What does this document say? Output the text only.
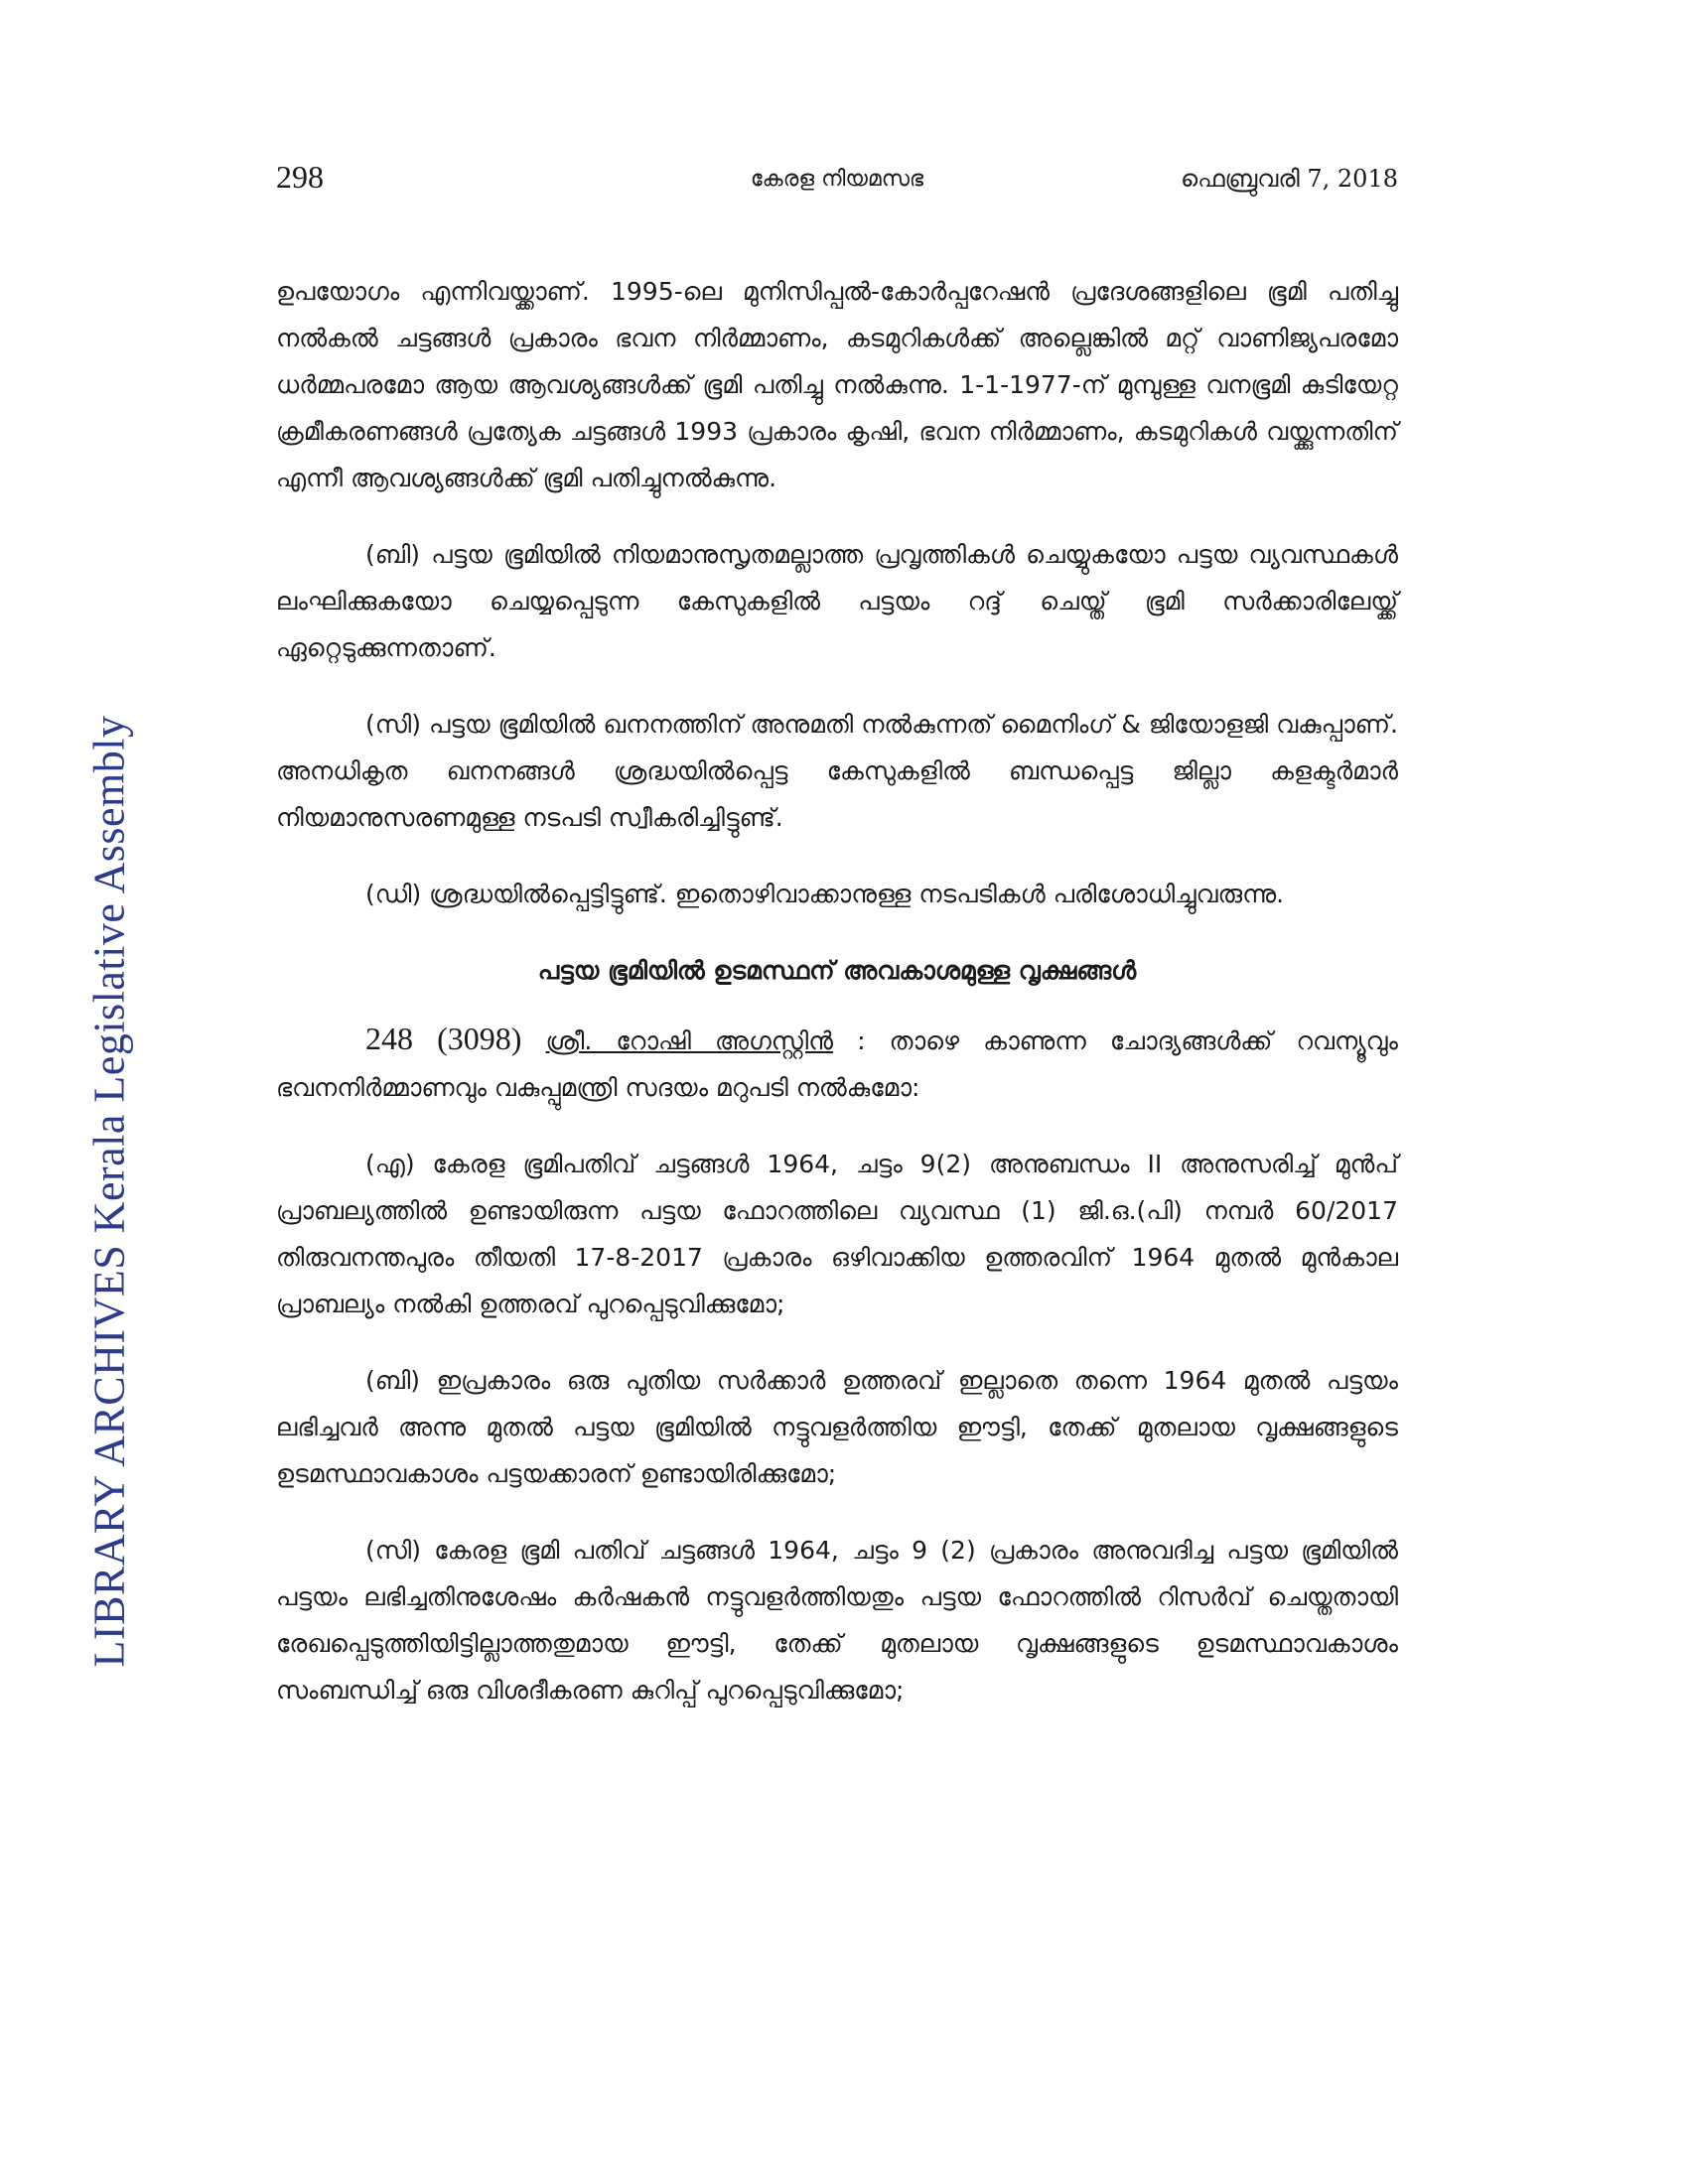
LIBRARY ARCHIVES Kerala Legislative Assembly
298	കേരള നിയമസഭ	ഫെബ്രുവരി 7, 2018

ഉപയോഗം എന്നിവയ്ക്കാണ്. 1995-ലെ മുനിസിപ്പൽ-കോർപ്പറേഷൻ പ്രദേശങ്ങളിലെ ഭൂമി പതിച്ചു നൽകൽ ചട്ടങ്ങൾ പ്രകാരം ഭവന നിർമ്മാണം, കടമുറികൾക്ക് അല്ലെങ്കിൽ മറ്റ് വാണിജ്യപരമോ ധർമ്മപരമോ ആയ ആവശ്യങ്ങൾക്ക് ഭൂമി പതിച്ചു നൽകുന്നു. 1-1-1977-ന് മുമ്പുള്ള വനഭൂമി കുടിയേറ്റ ക്രമീകരണങ്ങൾ പ്രത്യേക ചട്ടങ്ങൾ 1993 പ്രകാരം കൃഷി, ഭവന നിർമ്മാണം, കടമുറികൾ വയ്ക്കുന്നതിന് എന്നീ ആവശ്യങ്ങൾക്ക് ഭൂമി പതിച്ചുനൽകുന്നു.

(ബി) പട്ടയ ഭൂമിയിൽ നിയമാനുസൃതമല്ലാത്ത പ്രവൃത്തികൾ ചെയ്യുകയോ പട്ടയ വ്യവസ്ഥകൾ ലംഘിക്കുകയോ ചെയ്യപ്പെടുന്ന കേസുകളിൽ പട്ടയം റദ്ദ് ചെയ്ത് ഭൂമി സർക്കാരിലേയ്ക്ക് ഏറ്റെടുക്കുന്നതാണ്.

(സി) പട്ടയ ഭൂമിയിൽ ഖനനത്തിന് അനുമതി നൽകുന്നത് മൈനിംഗ് & ജിയോളജി വകുപ്പാണ്. അനധികൃത ഖനനങ്ങൾ ശ്രദ്ധയിൽപ്പെട്ട കേസുകളിൽ ബന്ധപ്പെട്ട ജില്ലാ കളക്ടർമാർ നിയമാനുസരണമുള്ള നടപടി സ്വീകരിച്ചിട്ടുണ്ട്.

(ഡി) ശ്രദ്ധയിൽപ്പെട്ടിട്ടുണ്ട്. ഇതൊഴിവാക്കാനുള്ള നടപടികൾ പരിശോധിച്ചുവരുന്നു.

പട്ടയ ഭൂമിയിൽ ഉടമസ്ഥന് അവകാശമുള്ള വൃക്ഷങ്ങൾ

248 (3098) ശ്രീ. റോഷി അഗസ്റ്റിൻ : താഴെ കാണുന്ന ചോദ്യങ്ങൾക്ക് റവന്യൂവും ഭവനനിർമ്മാണവും വകുപ്പുമന്ത്രി സദയം മറുപടി നൽകുമോ:

(എ) കേരള ഭൂമിപതിവ് ചട്ടങ്ങൾ 1964, ചട്ടം 9(2) അനുബന്ധം II അനുസരിച്ച് മുൻപ് പ്രാബല്യത്തിൽ ഉണ്ടായിരുന്ന പട്ടയ ഫോറത്തിലെ വ്യവസ്ഥ (1) ജി.ഒ.(പി) നമ്പർ 60/2017 തിരുവനന്തപുരം തീയതി 17-8-2017 പ്രകാരം ഒഴിവാക്കിയ ഉത്തരവിന് 1964 മുതൽ മുൻകാല പ്രാബല്യം നൽകി ഉത്തരവ് പുറപ്പെടുവിക്കുമോ;

(ബി) ഇപ്രകാരം ഒരു പുതിയ സർക്കാർ ഉത്തരവ് ഇല്ലാതെ തന്നെ 1964 മുതൽ പട്ടയം ലഭിച്ചവർ അന്നു മുതൽ പട്ടയ ഭൂമിയിൽ നട്ടുവളർത്തിയ ഈട്ടി, തേക്ക് മുതലായ വൃക്ഷങ്ങളുടെ ഉടമസ്ഥാവകാശം പട്ടയക്കാരന് ഉണ്ടായിരിക്കുമോ;

(സി) കേരള ഭൂമി പതിവ് ചട്ടങ്ങൾ 1964, ചട്ടം 9 (2) പ്രകാരം അനുവദിച്ച പട്ടയ ഭൂമിയിൽ പട്ടയം ലഭിച്ചതിനുശേഷം കർഷകൻ നട്ടുവളർത്തിയതും പട്ടയ ഫോറത്തിൽ റിസർവ് ചെയ്തതായി രേഖപ്പെടുത്തിയിട്ടില്ലാത്തതുമായ ഈട്ടി, തേക്ക് മുതലായ വൃക്ഷങ്ങളുടെ ഉടമസ്ഥാവകാശം സംബന്ധിച്ച് ഒരു വിശദീകരണ കുറിപ്പ് പുറപ്പെടുവിക്കുമോ;
